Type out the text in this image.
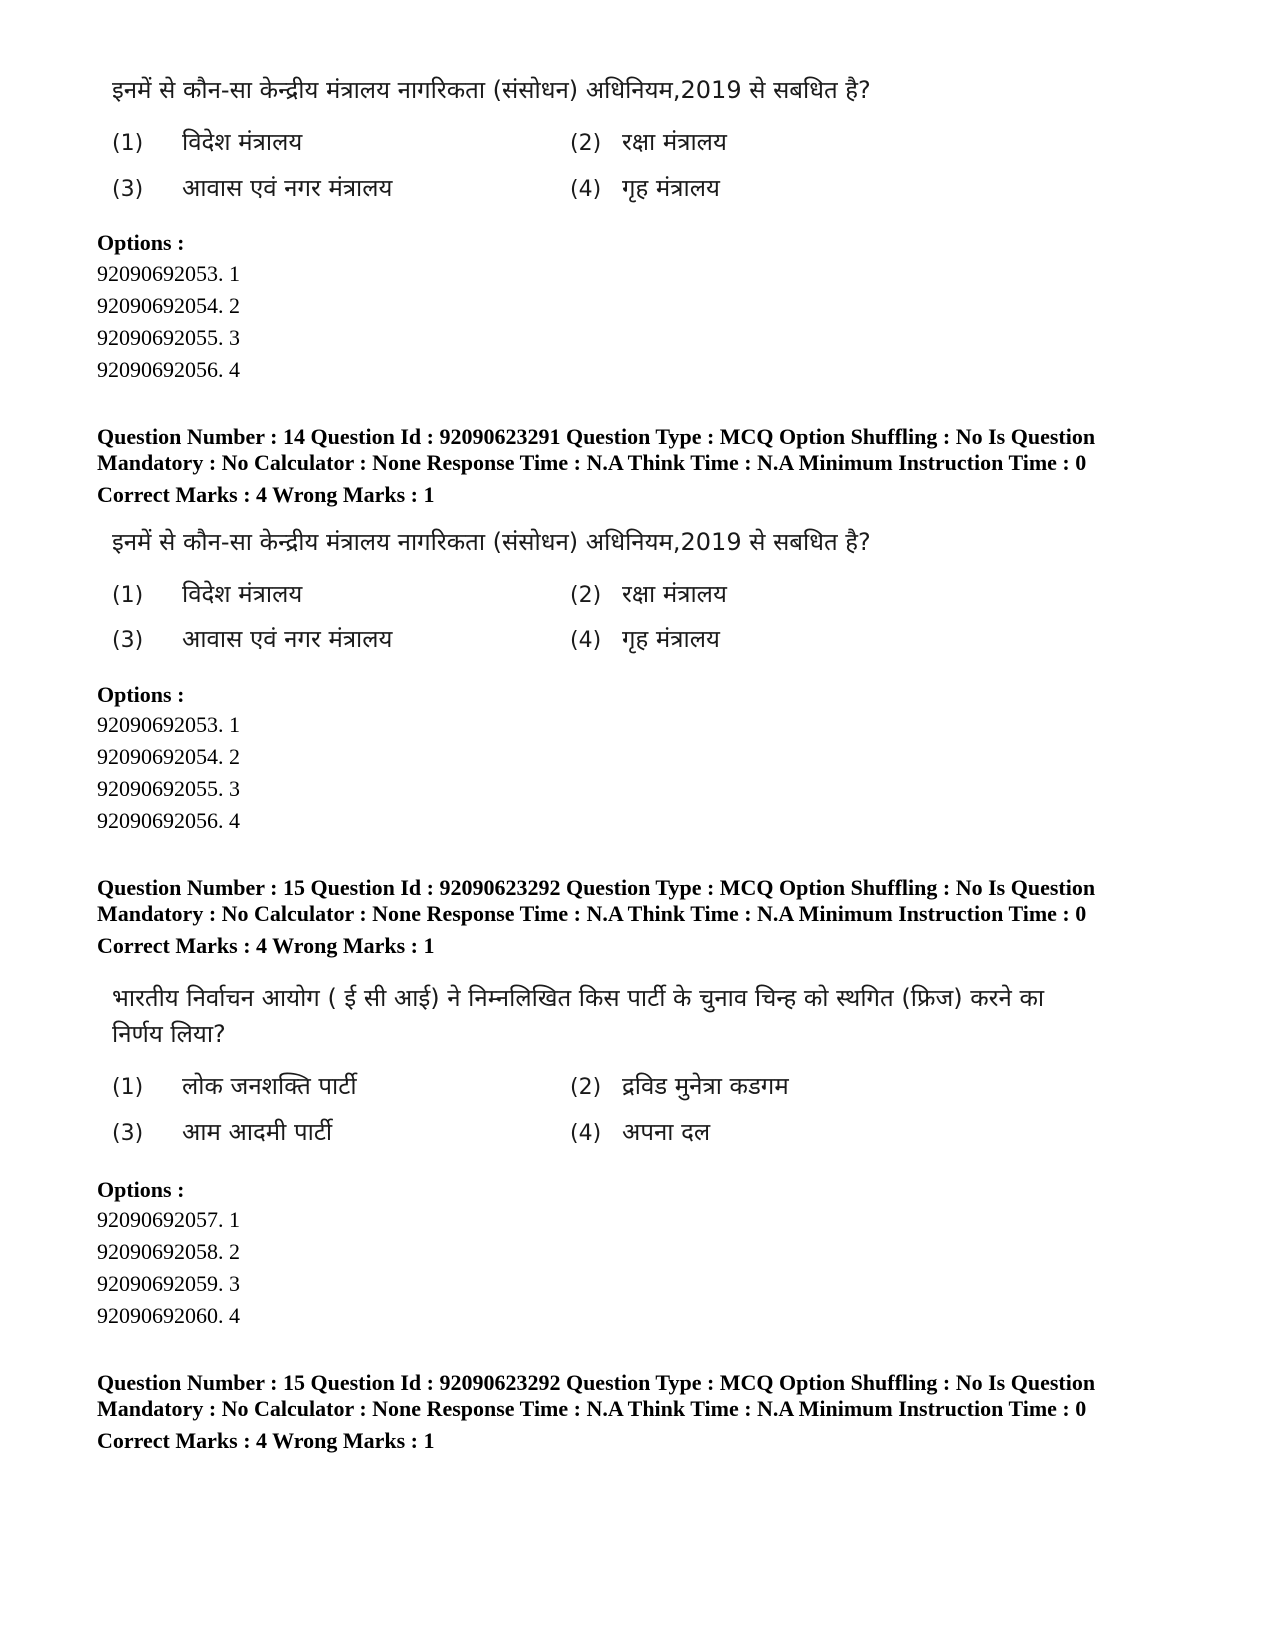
इनमें से कौन-सा केन्द्रीय मंत्रालय नागरिकता (संसोधन) अधिनियम,2019 से सबधित है?
(1) विदेश मंत्रालय	(2) रक्षा मंत्रालय
(3) आवास एवं नगर मंत्रालय	(4) गृह मंत्रालय
Options :
92090692053. 1
92090692054. 2
92090692055. 3
92090692056. 4
Question Number : 14 Question Id : 92090623291 Question Type : MCQ Option Shuffling : No Is Question
Mandatory : No Calculator : None Response Time : N.A Think Time : N.A Minimum Instruction Time : 0
Correct Marks : 4 Wrong Marks : 1
इनमें से कौन-सा केन्द्रीय मंत्रालय नागरिकता (संसोधन) अधिनियम,2019 से सबधित है?
(1) विदेश मंत्रालय	(2) रक्षा मंत्रालय
(3) आवास एवं नगर मंत्रालय	(4) गृह मंत्रालय
Options :
92090692053. 1
92090692054. 2
92090692055. 3
92090692056. 4
Question Number : 15 Question Id : 92090623292 Question Type : MCQ Option Shuffling : No Is Question
Mandatory : No Calculator : None Response Time : N.A Think Time : N.A Minimum Instruction Time : 0
Correct Marks : 4 Wrong Marks : 1
भारतीय निर्वाचन आयोग ( ई सी आई) ने निम्नलिखित किस पार्टी के चुनाव चिन्ह को स्थगित (फ्रिज) करने का निर्णय लिया?
(1) लोक जनशक्ति पार्टी	(2) द्रविड मुनेत्रा कडगम
(3) आम आदमी पार्टी	(4) अपना दल
Options :
92090692057. 1
92090692058. 2
92090692059. 3
92090692060. 4
Question Number : 15 Question Id : 92090623292 Question Type : MCQ Option Shuffling : No Is Question
Mandatory : No Calculator : None Response Time : N.A Think Time : N.A Minimum Instruction Time : 0
Correct Marks : 4 Wrong Marks : 1
